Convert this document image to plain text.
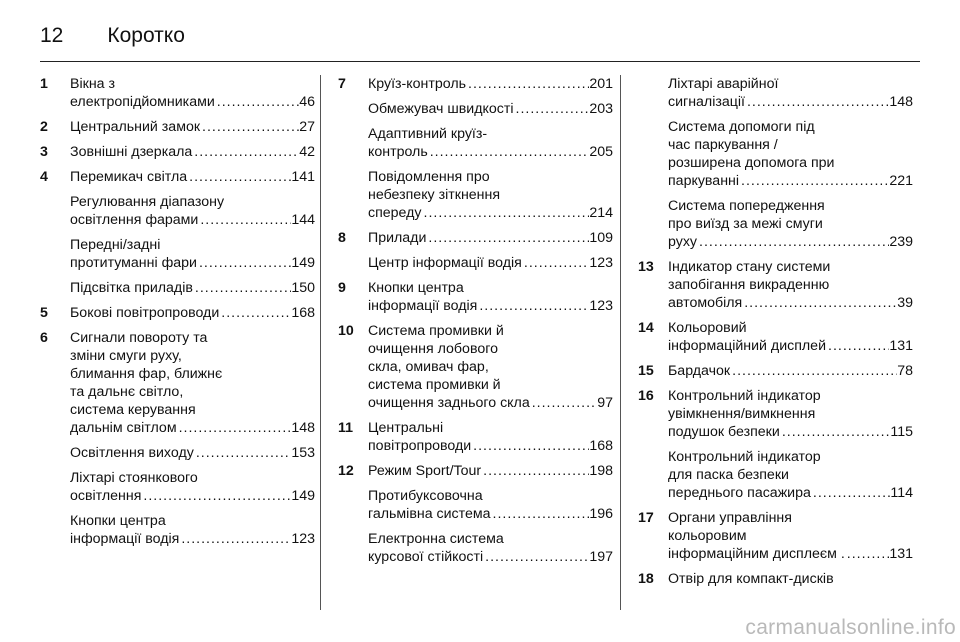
12 Коротко
1	Вікна з
електропідйомниками .....	46
2	Центральний замок .....	27
3	Зовнішні дзеркала .....	42
4	Перемикач світла .....	141
Регулювання діапазону
освітлення фарами .....	144
Передні/задні
протитуманні фари .....	149
Підсвітка приладів .....	150
5	Бокові повітропроводи .....	168
6	Сигнали повороту та
зміни смуги руху,
блимання фар, ближнє
та дальнє світло,
система керування
дальнім світлом .....	148
Освітлення виходу .....	153
Ліхтарі стоянкового
освітлення .....	149
Кнопки центра
інформації водія .....	123
7	Круїз-контроль .....	201
Обмежувач швидкості .....	203
Адаптивний круїз-
контроль .....	205
Повідомлення про
небезпеку зіткнення
спереду .....	214
8	Прилади .....	109
Центр інформації водія .....	123
9	Кнопки центра
інформації водія .....	123
10	Система промивки й
очищення лобового
скла, омивач фар,
система промивки й
очищення заднього скла .....	97
11	Центральні
повітропроводи .....	168
12	Режим Sport/Tour .....	198
Протибуксовочна
гальмівна система .....	196
Електронна система
курсової стійкості .....	197
Ліхтарі аварійної
сигналізації .....	148
Система допомоги під
час паркування /
розширена допомога при
паркуванні .....	221
Система попередження
про виїзд за межі смуги
руху .....	239
13	Індикатор стану системи
запобігання викраденню
автомобіля .....	39
14	Кольоровий
інформаційний дисплей .....	131
15	Бардачок .....	78
16	Контрольний індикатор
увімкнення/вимкнення
подушок безпеки .....	115
Контрольний індикатор
для паска безпеки
переднього пасажира .....	114
17	Органи управління
кольоровим
інформаційним дисплеєм . .....	131
18	Отвір для компакт-дисків
carmanualsonline.info
